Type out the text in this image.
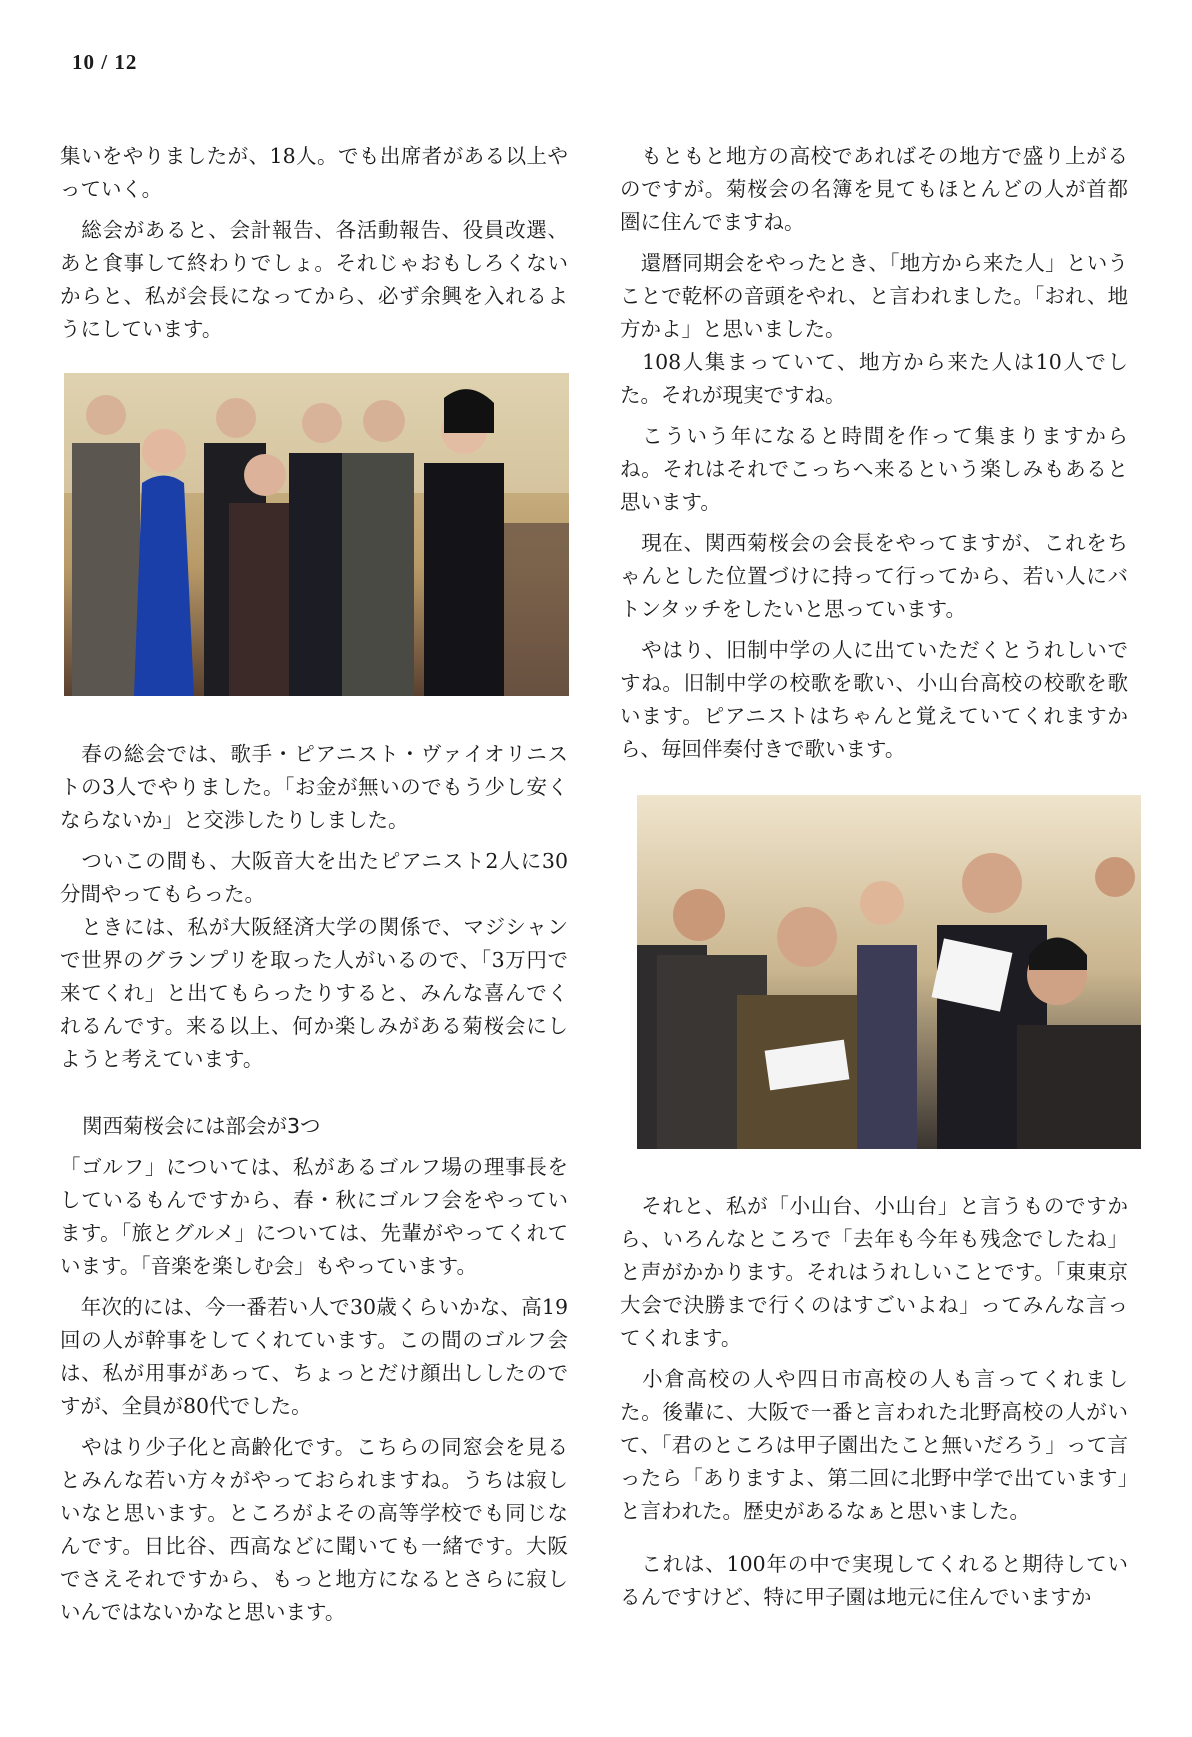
10 / 12

集いをやりましたが、18人。でも出席者がある以上やっていく。

　総会があると、会計報告、各活動報告、役員改選、あと食事して終わりでしょ。それじゃおもしろくないからと、私が会長になってから、必ず余興を入れるようにしています。

　春の総会では、歌手・ピアニスト・ヴァイオリニストの3人でやりました。「お金が無いのでもう少し安くならないか」と交渉したりしました。

　ついこの間も、大阪音大を出たピアニスト2人に30分間やってもらった。

　ときには、私が大阪経済大学の関係で、マジシャンで世界のグランプリを取った人がいるので、「3万円で来てくれ」と出てもらったりすると、みんな喜んでくれるんです。来る以上、何か楽しみがある菊桜会にしようと考えています。

関西菊桜会には部会が3つ

「ゴルフ」については、私があるゴルフ場の理事長をしているもんですから、春・秋にゴルフ会をやっています。「旅とグルメ」については、先輩がやってくれています。「音楽を楽しむ会」もやっています。

　年次的には、今一番若い人で30歳くらいかな、高19回の人が幹事をしてくれています。この間のゴルフ会は、私が用事があって、ちょっとだけ顔出ししたのですが、全員が80代でした。

　やはり少子化と高齢化です。こちらの同窓会を見るとみんな若い方々がやっておられますね。うちは寂しいなと思います。ところがよその高等学校でも同じなんです。日比谷、西高などに聞いても一緒です。大阪でさえそれですから、もっと地方になるとさらに寂しいんではないかなと思います。

　もともと地方の高校であればその地方で盛り上がるのですが。菊桜会の名簿を見てもほとんどの人が首都圏に住んでますね。

　還暦同期会をやったとき、「地方から来た人」ということで乾杯の音頭をやれ、と言われました。「おれ、地方かよ」と思いました。

　108人集まっていて、地方から来た人は10人でした。それが現実ですね。

　こういう年になると時間を作って集まりますからね。それはそれでこっちへ来るという楽しみもあると思います。

　現在、関西菊桜会の会長をやってますが、これをちゃんとした位置づけに持って行ってから、若い人にバトンタッチをしたいと思っています。

　やはり、旧制中学の人に出ていただくとうれしいですね。旧制中学の校歌を歌い、小山台高校の校歌を歌います。ピアニストはちゃんと覚えていてくれますから、毎回伴奏付きで歌います。

　それと、私が「小山台、小山台」と言うものですから、いろんなところで「去年も今年も残念でしたね」と声がかかります。それはうれしいことです。「東東京大会で決勝まで行くのはすごいよね」ってみんな言ってくれます。

　小倉高校の人や四日市高校の人も言ってくれました。後輩に、大阪で一番と言われた北野高校の人がいて、「君のところは甲子園出たこと無いだろう」って言ったら「ありますよ、第二回に北野中学で出ています」と言われた。歴史があるなぁと思いました。

　これは、100年の中で実現してくれると期待しているんですけど、特に甲子園は地元に住んでいますか
